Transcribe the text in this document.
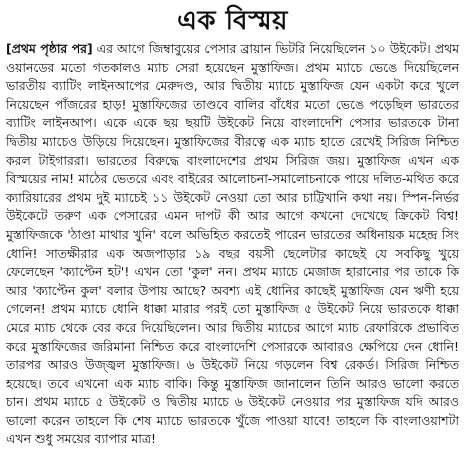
এক বিস্ময়

[প্রথম পৃষ্ঠার পর] এর আগে জিম্বাবুয়ের পেসার ব্রায়ান ভিটরি নিয়েছিলেন ১০ উইকেট। প্রথম ওয়ানডের মতো গতকালও ম্যাচ সেরা হয়েছেন মুস্তাফিজ। প্রথম ম্যাচে ভেঙে দিয়েছিলেন ভারতীয় ব্যাটিং লাইনআপের মেরুদণ্ড, আর দ্বিতীয় ম্যাচে মুস্তাফিজ যেন একটা করে খুলে নিয়েছেন পাঁজরের হাড়! মুস্তাফিজের তাণ্ডবে বালির বাঁধের মতো ভেঙে পড়েছিল ভারতের ব্যাটিং লাইনআপ। একে একে ছয় ছয়টি উইকেট নিয়ে বাংলাদেশি পেসার ভারতকে টানা দ্বিতীয় ম্যাচেও উড়িয়ে দিয়েছেন। মুস্তাফিজের বীরত্বে এক ম্যাচ হাতে রেখেই সিরিজ নিশ্চিত করল টাইগাররা। ভারতের বিরুদ্ধে বাংলাদেশের প্রথম সিরিজ জয়। মুস্তাফিজ এখন এক বিস্ময়ের নাম! মাঠের ভেতরে এবং বাইরের আলোচনা-সমালোচনাকে পায়ে দলিত-মথিত করে ক্যারিয়ারের প্রথম দুই ম্যাচেই ১১ উইকেট নেওয়া তো আর চাট্টিখানি কথা নয়। স্পিন-নির্ভর উইকেটে তরুণ এক পেসারের এমন দাপট কী আর আগে কখনো দেখেছে ক্রিকেট বিশ্ব! মুস্তাফিজকে 'ঠাণ্ডা মাথার খুনি' বলে অভিহিত করতেই পারেন ভারতের অধিনায়ক মহেন্দ্র সিং ধোনি! সাতক্ষীরার এক অজপাড়ার ১৯ বছর বয়সী ছেলেটার কাছেই যে সবকিছু খুয়ে ফেলেছেন 'ক্যাপ্টেন হট'! এখন তো 'কুল' নন। প্রথম ম্যাচে মেজাজ হারানোর পর তাকে কি আর 'ক্যাপ্টেন কুল' বলার উপায় আছে? অবশ্য এই ধোনির কাছেই মুস্তাফিজ যেন ঋণী হয়ে গেলেন! প্রথম ম্যাচে ধোনি ধাক্কা মারার পরই তো মুস্তাফিজ ৫ উইকেট নিয়ে ভারতকে ধাক্কা মেরে ম্যাচ থেকে বের করে দিয়েছিলেন। আর দ্বিতীয় ম্যাচের আগে ম্যাচ রেফারিকে প্রভাবিত করে মুস্তাফিজের জরিমানা নিশ্চিত করে বাংলাদেশি পেসারকে আবারও ক্ষেপিয়ে দেন ধোনি! তারপর আরও উজ্জ্বল মুস্তাফিজ। ৬ উইকেট নিয়ে গড়লেন বিশ্ব রেকর্ড। সিরিজ নিশ্চিত হয়েছে। তবে এখনো এক ম্যাচ বাকি। কিন্তু মুস্তাফিজ জানালেন তিনি আরও ভালো করতে চান। প্রথম ম্যাচে ৫ উইকেট ও দ্বিতীয় ম্যাচে ৬ উইকেট নেওয়ার পর মুস্তাফিজ যদি আরও ভালো করেন তাহলে কি শেষ ম্যাচে ভারতকে খুঁজে পাওয়া যাবে! তাহলে কি বাংলাওয়াশটা এখন শুধু সময়ের ব্যাপার মাত্র!
